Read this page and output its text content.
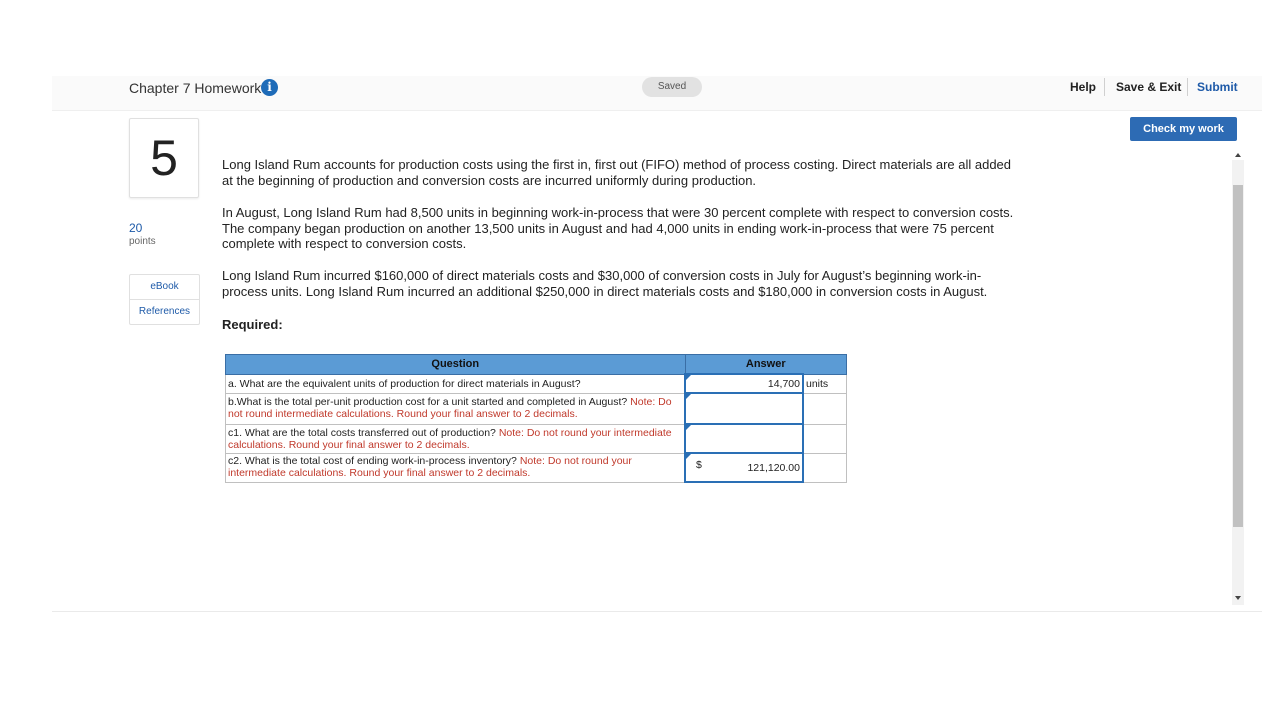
Chapter 7 Homework i	Saved	Help Save & Exit Submit
Check my work
5
20
points
eBook
References

Long Island Rum accounts for production costs using the first in, first out (FIFO) method of process costing. Direct materials are all added at the beginning of production and conversion costs are incurred uniformly during production.

In August, Long Island Rum had 8,500 units in beginning work-in-process that were 30 percent complete with respect to conversion costs. The company began production on another 13,500 units in August and had 4,000 units in ending work-in-process that were 75 percent complete with respect to conversion costs.

Long Island Rum incurred $160,000 of direct materials costs and $30,000 of conversion costs in July for August’s beginning work-in-process units. Long Island Rum incurred an additional $250,000 in direct materials costs and $180,000 in conversion costs in August.

Required:
Question	Answer	
a. What are the equivalent units of production for direct materials in August?	14,700	units
b.What is the total per-unit production cost for a unit started and completed in August? Note: Do not round intermediate calculations. Round your final answer to 2 decimals.	

c1. What are the total costs transferred out of production? Note: Do not round your intermediate calculations. Round your final answer to 2 decimals.	

c2. What is the total cost of ending work-in-process inventory? Note: Do not round your intermediate calculations. Round your final answer to 2 decimals.	$ 121,120.00	
